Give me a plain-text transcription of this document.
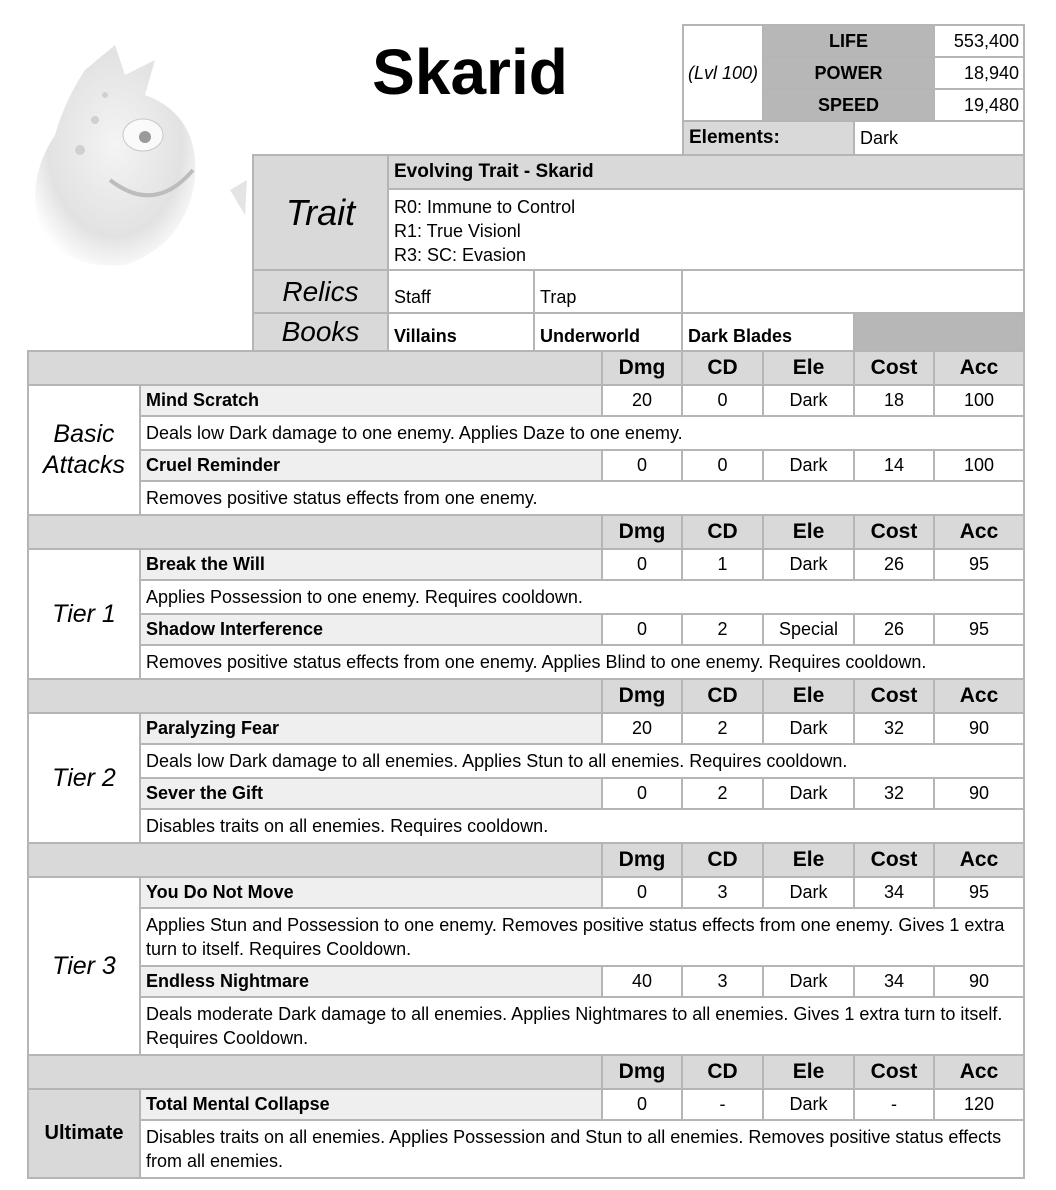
Skarid	(Lvl 100)
LIFE	553,400
POWER	18,940
SPEED	19,480
Elements:	Dark
Trait
Evolving Trait - Skarid
R0: Immune to Control
R1: True Visionl
R3: SC: Evasion
Relics	Staff	Trap
Books	Villains	Underworld	Dark Blades
Dmg	CD	Ele	Cost	Acc
Mind Scratch	20	0	Dark	18	100
Deals low Dark damage to one enemy. Applies Daze to one enemy.
Cruel Reminder	0	0	Dark	14	100
Removes positive status effects from one enemy.
Basic Attacks
Dmg	CD	Ele	Cost	Acc
Break the Will	0	1	Dark	26	95
Applies Possession to one enemy. Requires cooldown.
Shadow Interference	0	2	Special	26	95
Removes positive status effects from one enemy. Applies Blind to one enemy. Requires cooldown.
Tier 1
Dmg	CD	Ele	Cost	Acc
Paralyzing Fear	20	2	Dark	32	90
Deals low Dark damage to all enemies. Applies Stun to all enemies. Requires cooldown.
Sever the Gift	0	2	Dark	32	90
Disables traits on all enemies. Requires cooldown.
Tier 2
Dmg	CD	Ele	Cost	Acc
You Do Not Move	0	3	Dark	34	95
Applies Stun and Possession to one enemy. Removes positive status effects from one enemy. Gives 1 extra turn to itself. Requires Cooldown.
Endless Nightmare	40	3	Dark	34	90
Deals moderate Dark damage to all enemies. Applies Nightmares to all enemies. Gives 1 extra turn to itself. Requires Cooldown.
Tier 3
Dmg	CD	Ele	Cost	Acc
Total Mental Collapse	0	-	Dark	-	120
Disables traits on all enemies. Applies Possession and Stun to all enemies. Removes positive status effects from all enemies.
Ultimate
